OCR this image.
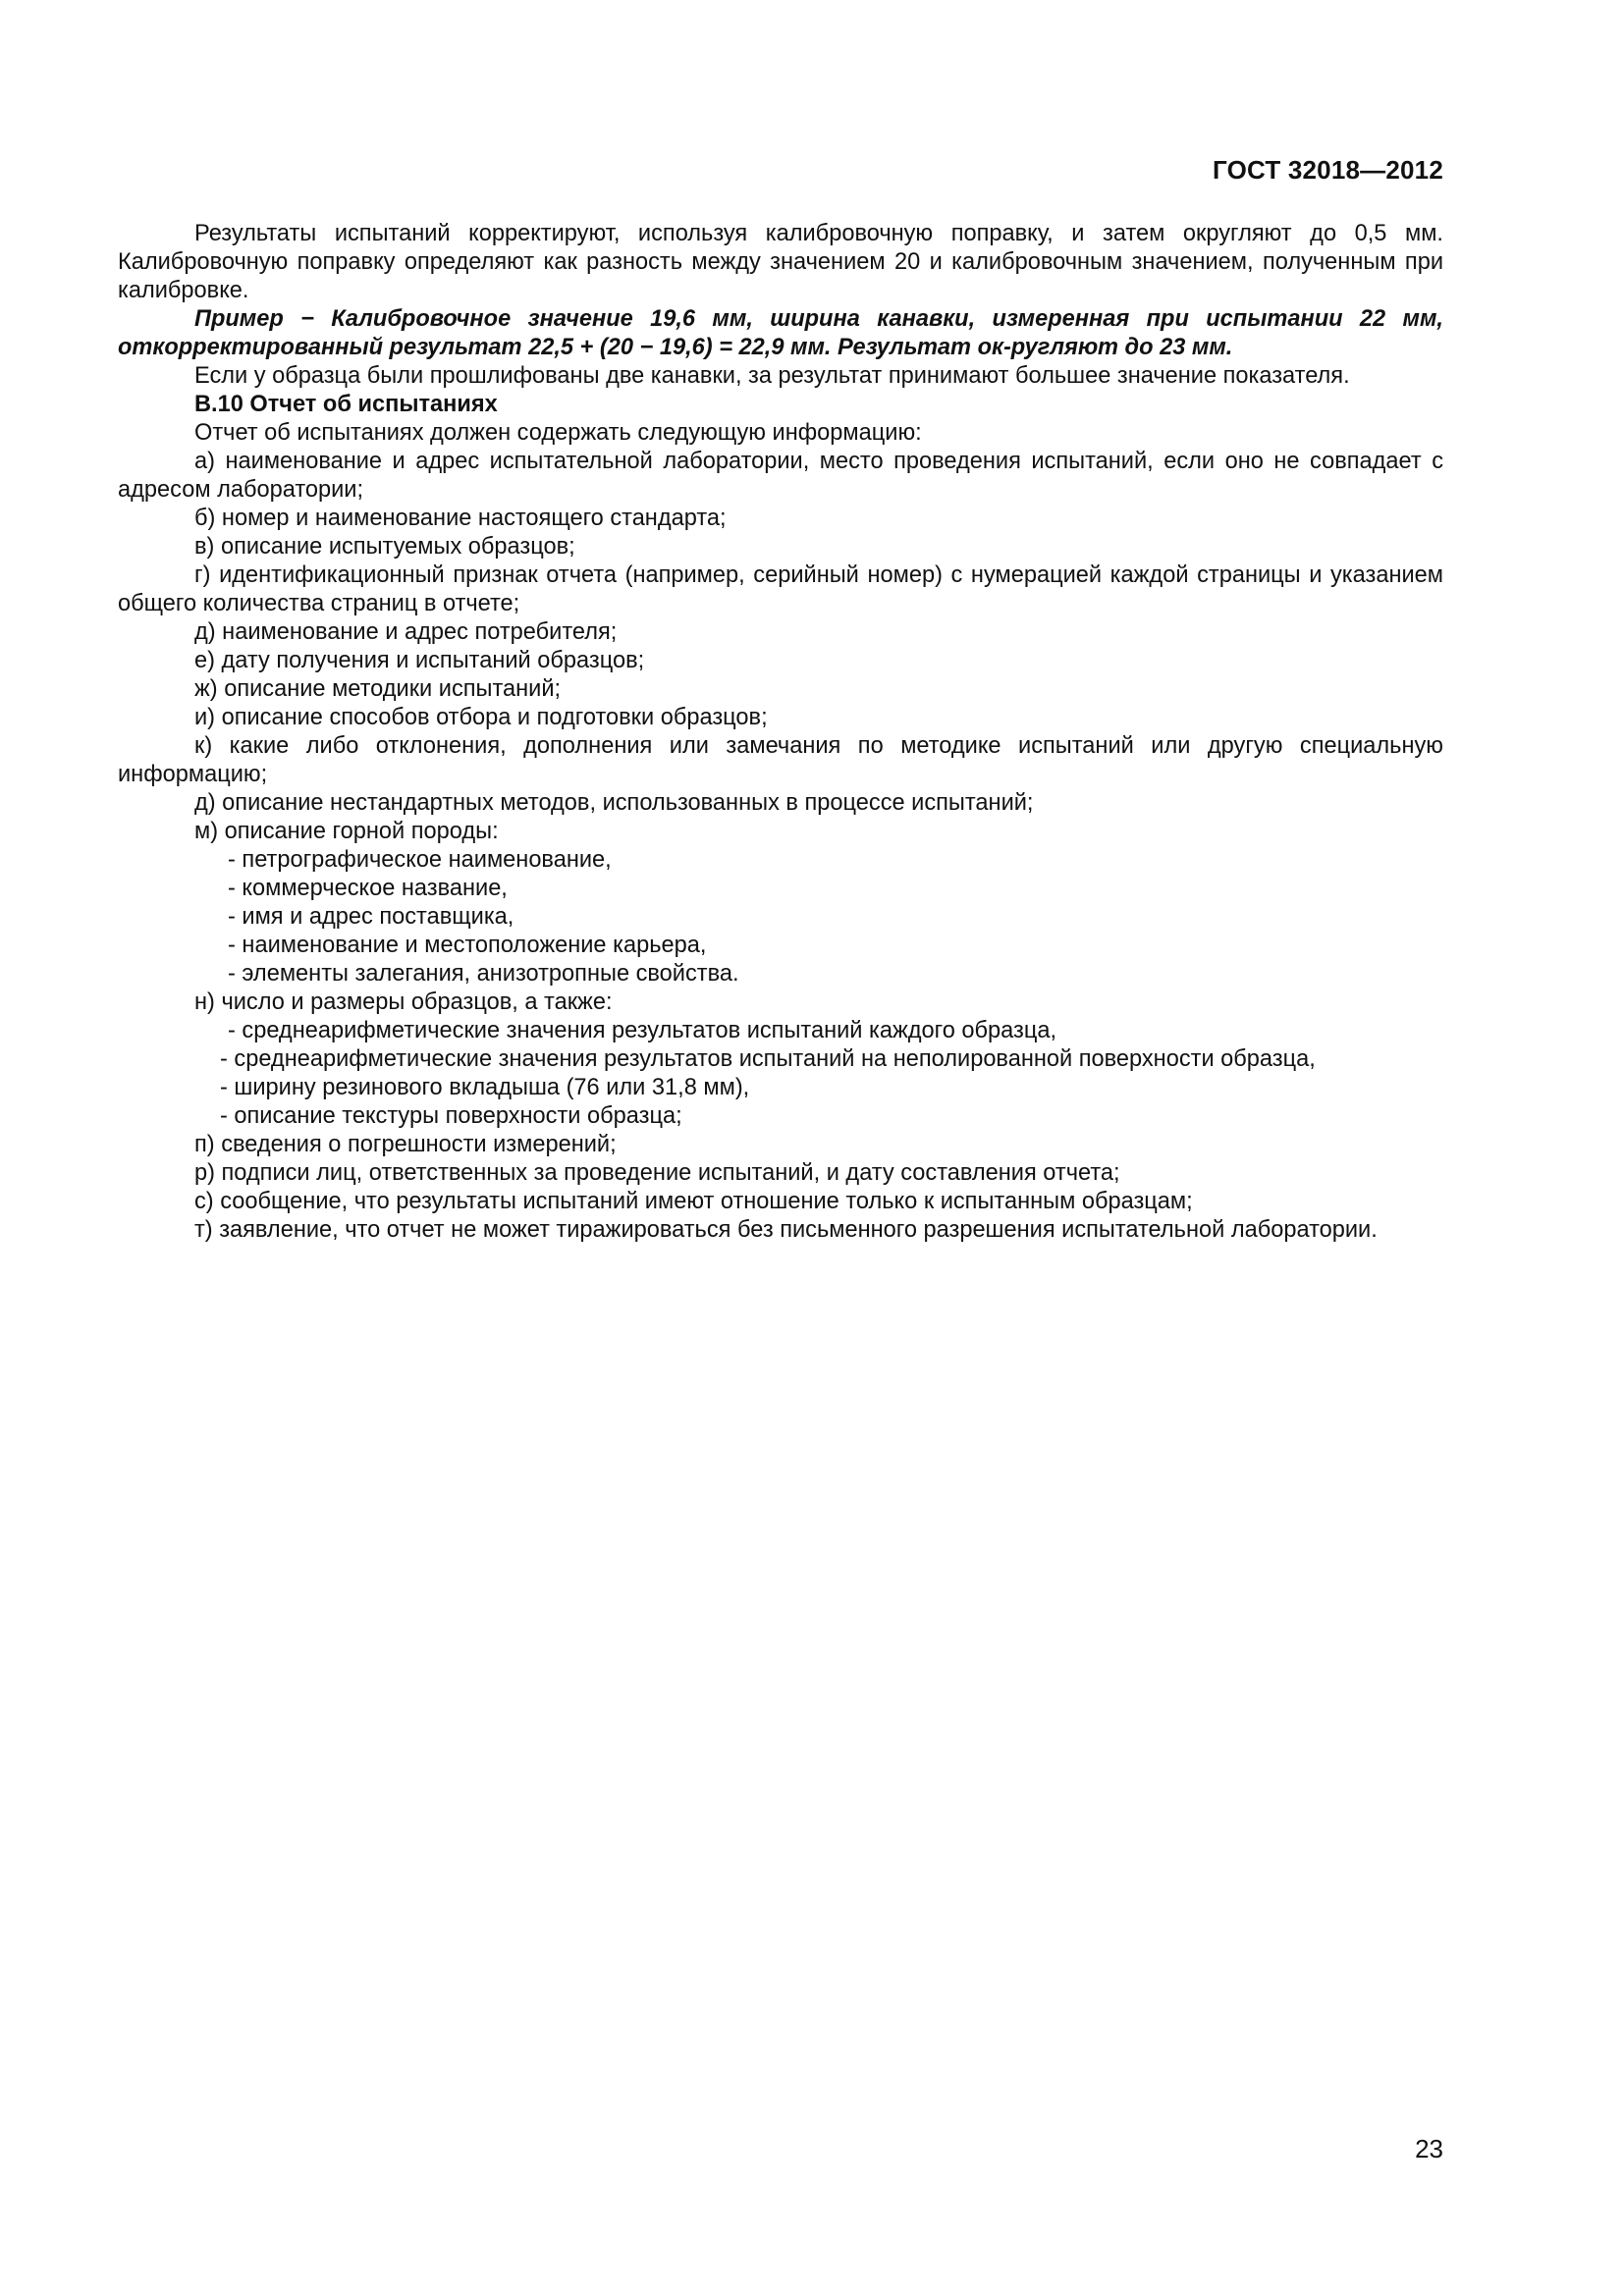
ГОСТ 32018—2012

Результаты испытаний корректируют, используя калибровочную поправку, и затем округляют до 0,5 мм. Калибровочную поправку определяют как разность между значением 20 и калибровочным значением, полученным при калибровке.

Пример − Калибровочное значение 19,6 мм, ширина канавки, измеренная при испытании 22 мм, откорректированный результат 22,5 + (20 − 19,6) = 22,9 мм. Результат ок-ругляют до 23 мм.

Если у образца были прошлифованы две канавки, за результат принимают большее значение показателя.

В.10 Отчет об испытаниях

Отчет об испытаниях должен содержать следующую информацию:

а) наименование и адрес испытательной лаборатории, место проведения испытаний, если оно не совпадает с адресом лаборатории;

б) номер и наименование настоящего стандарта;

в) описание испытуемых образцов;

г) идентификационный признак отчета (например, серийный номер) с нумерацией каждой страницы и указанием общего количества страниц в отчете;

д) наименование и адрес потребителя;

е) дату получения и испытаний образцов;

ж) описание методики испытаний;

и) описание способов отбора и подготовки образцов;

к) какие либо отклонения, дополнения или замечания по методике испытаний или другую специальную информацию;

д) описание нестандартных методов, использованных в процессе испытаний;

м) описание горной породы:

- петрографическое наименование,

- коммерческое название,

- имя и адрес поставщика,

- наименование и местоположение карьера,

- элементы залегания, анизотропные свойства.

н) число и размеры образцов, а также:

- среднеарифметические значения результатов испытаний каждого образца,

- среднеарифметические значения результатов испытаний на неполированной поверхности образца,

- ширину резинового вкладыша (76 или 31,8 мм),

- описание текстуры поверхности образца;

п) сведения о погрешности измерений;

р) подписи лиц, ответственных за проведение испытаний, и дату составления отчета;

с) сообщение, что результаты испытаний имеют отношение только к испытанным образцам;

т) заявление, что отчет не может тиражироваться без письменного разрешения испытательной лаборатории.

23
